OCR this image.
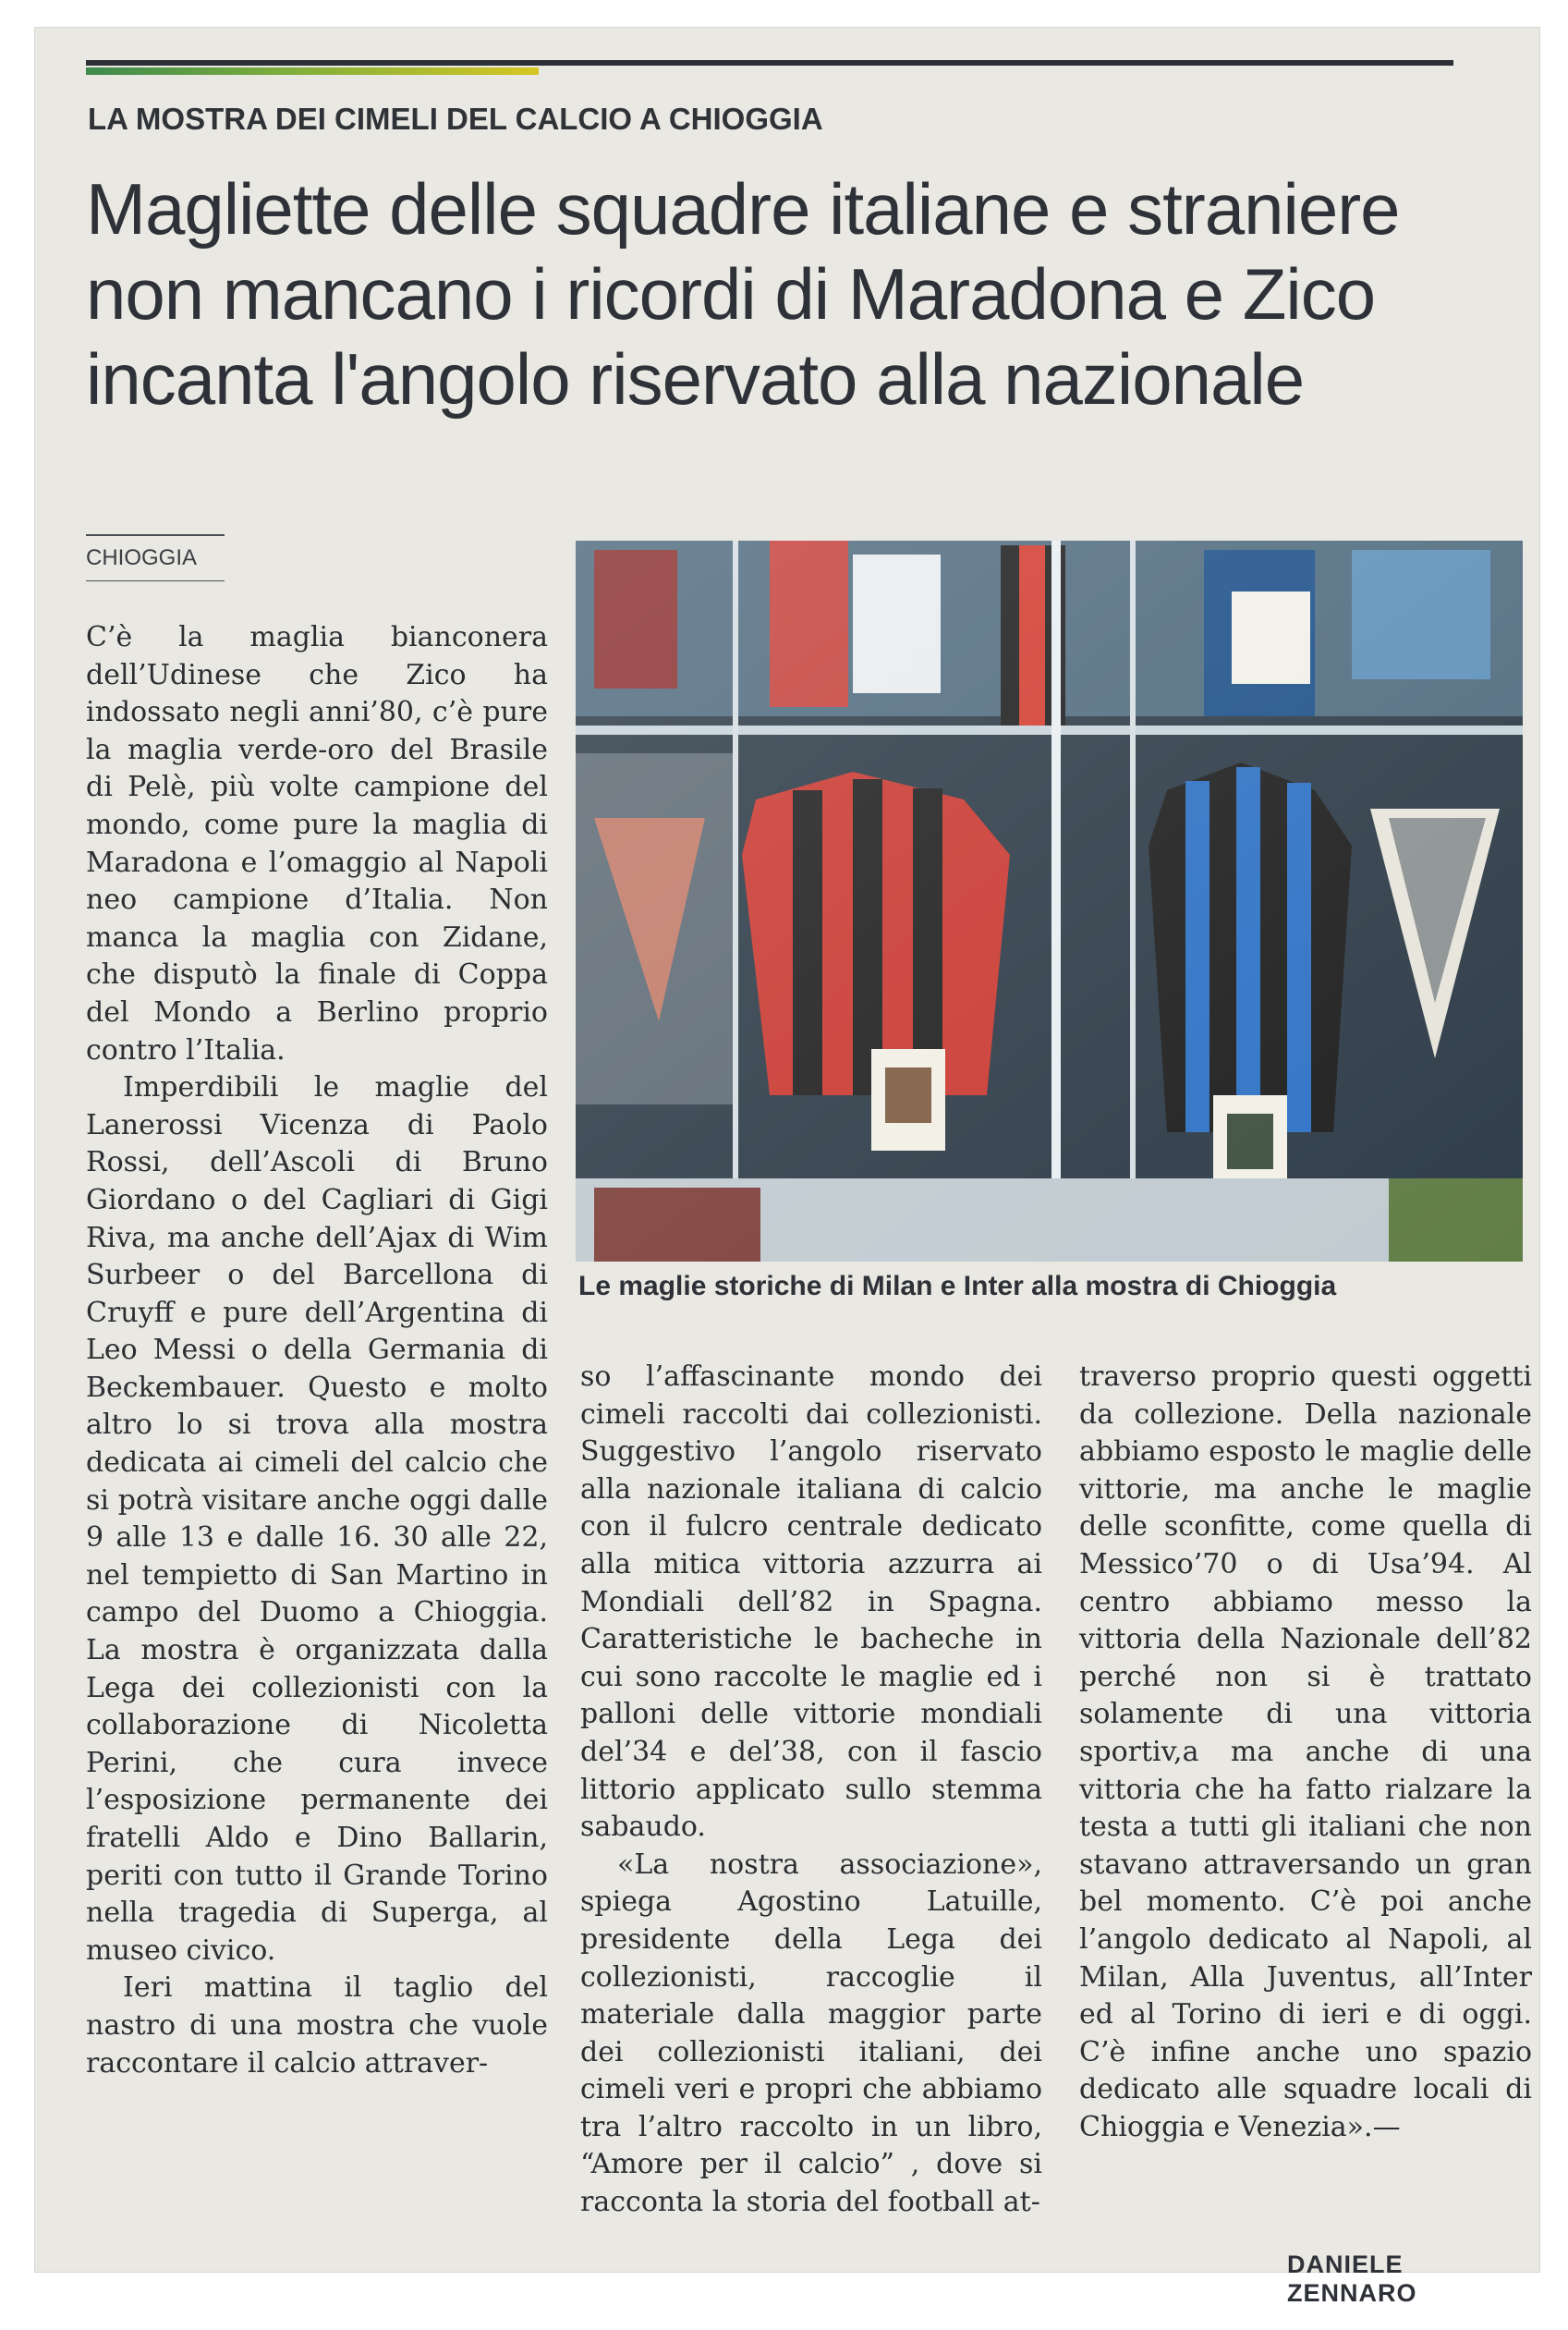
LA MOSTRA DEI CIMELI DEL CALCIO A CHIOGGIA
Magliette delle squadre italiane e straniere
non mancano i ricordi di Maradona e Zico
incanta l'angolo riservato alla nazionale
CHIOGGIA

C’è la maglia bianconera dell’Udinese che Zico ha indossato negli anni’80, c’è pure la maglia verde-oro del Brasile di Pelè, più volte campione del mondo, come pure la maglia di Maradona e l’omaggio al Napoli neo campione d’Italia. Non manca la maglia con Zidane, che disputò la finale di Coppa del Mondo a Berlino proprio contro l’Italia.

Imperdibili le maglie del Lanerossi Vicenza di Paolo Rossi, dell’Ascoli di Bruno Giordano o del Cagliari di Gigi Riva, ma anche dell’Ajax di Wim Surbeer o del Barcellona di Cruyff e pure dell’Argentina di Leo Messi o della Germania di Beckembauer. Questo e molto altro lo si trova alla mostra dedicata ai cimeli del calcio che si potrà visitare anche oggi dalle 9 alle 13 e dalle 16. 30 alle 22, nel tempietto di San Martino in campo del Duomo a Chioggia. La mostra è organizzata dalla Lega dei collezionisti con la collaborazione di Nicoletta Perini, che cura invece l’esposizione permanente dei fratelli Aldo e Dino Ballarin, periti con tutto il Grande Torino nella tragedia di Superga, al museo civico.

Ieri mattina il taglio del nastro di una mostra che vuole raccontare il calcio attraver-

Le maglie storiche di Milan e Inter alla mostra di Chioggia

so l’affascinante mondo dei cimeli raccolti dai collezionisti. Suggestivo l’angolo riservato alla nazionale italiana di calcio con il fulcro centrale dedicato alla mitica vittoria azzurra ai Mondiali dell’82 in Spagna. Caratteristiche le bacheche in cui sono raccolte le maglie ed i palloni delle vittorie mondiali del’34 e del’38, con il fascio littorio applicato sullo stemma sabaudo.

«La nostra associazione», spiega Agostino Latuille, presidente della Lega dei collezionisti, raccoglie il materiale dalla maggior parte dei collezionisti italiani, dei cimeli veri e propri che abbiamo tra l’altro raccolto in un libro, “Amore per il calcio” , dove si racconta la storia del football at-

traverso proprio questi oggetti da collezione. Della nazionale abbiamo esposto le maglie delle vittorie, ma anche le maglie delle sconfitte, come quella di Messico’70 o di Usa’94. Al centro abbiamo messo la vittoria della Nazionale dell’82 perché non si è trattato solamente di una vittoria sportiv,a ma anche di una vittoria che ha fatto rialzare la testa a tutti gli italiani che non stavano attraversando un gran bel momento. C’è poi anche l’angolo dedicato al Napoli, al Milan, Alla Juventus, all’Inter ed al Torino di ieri e di oggi. C’è infine anche uno spazio dedicato alle squadre locali di Chioggia e Venezia».—

DANIELE ZENNARO
